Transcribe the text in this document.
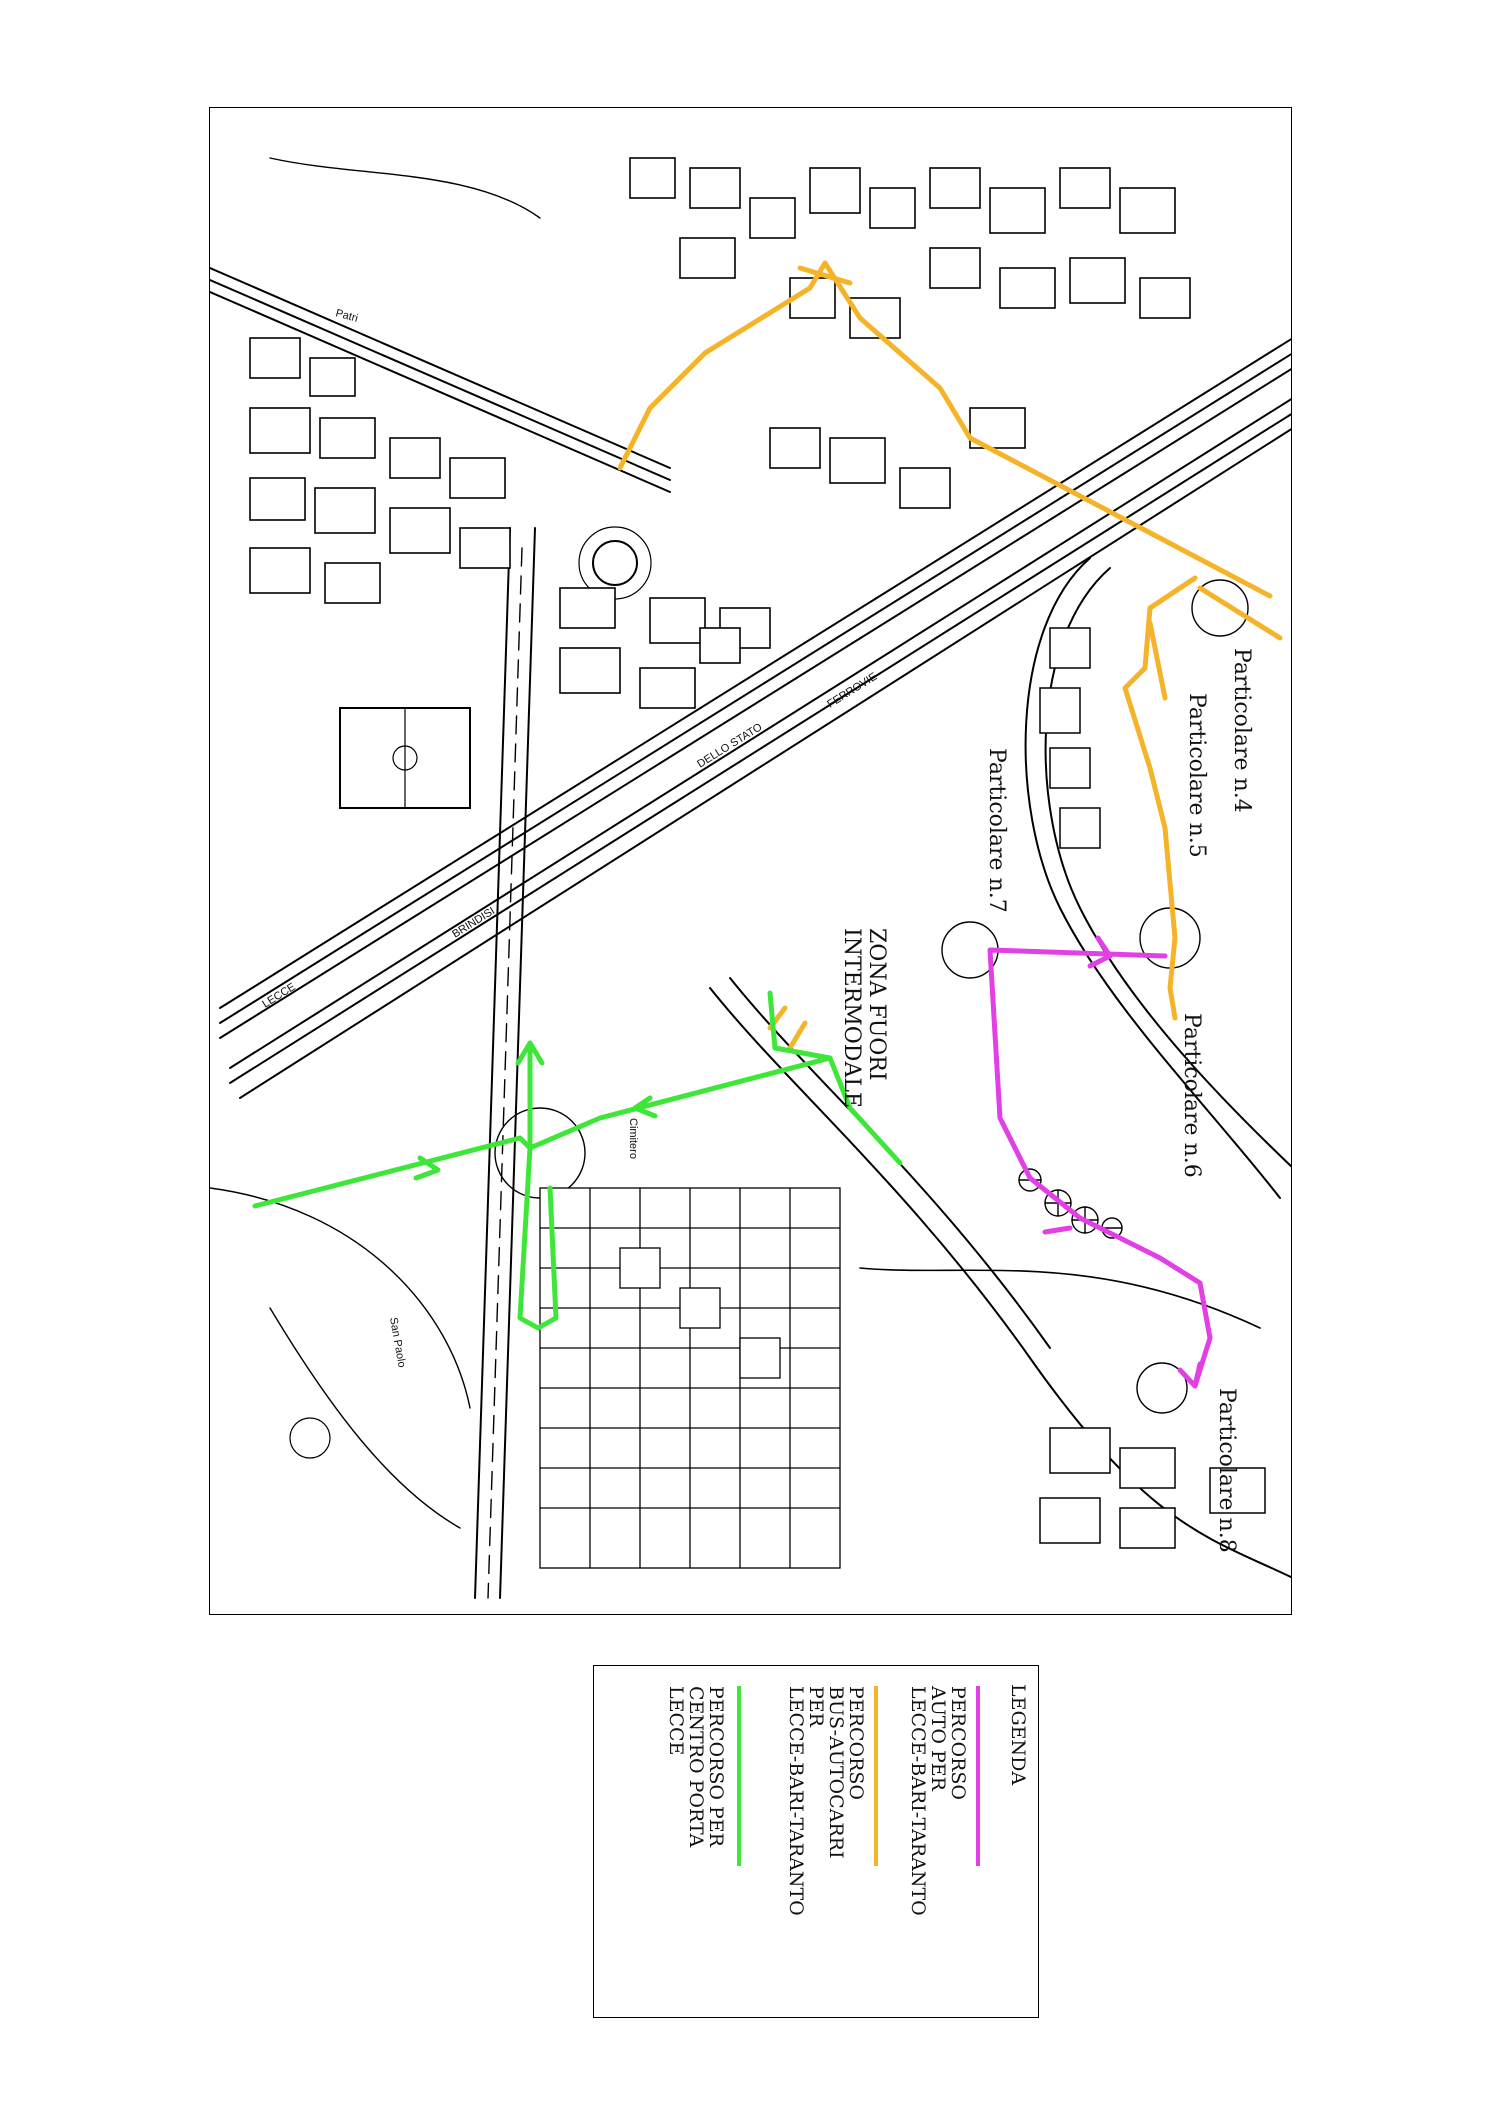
Patri
Cimitero
San Paolo
FERROVIE
DELLO STATO
LECCE
BRINDISI
Particolare n.4
Particolare n.5
Particolare n.6
Particolare n.7
Particolare n.8
ZONA FUORI
INTERMODALE
LEGENDA
PERCORSO
AUTO PER
LECCE-BARI-TARANTO
PERCORSO
BUS-AUTOCARRI
PER
LECCE-BARI-TARANTO
PERCORSO PER
CENTRO PORTA
LECCE
